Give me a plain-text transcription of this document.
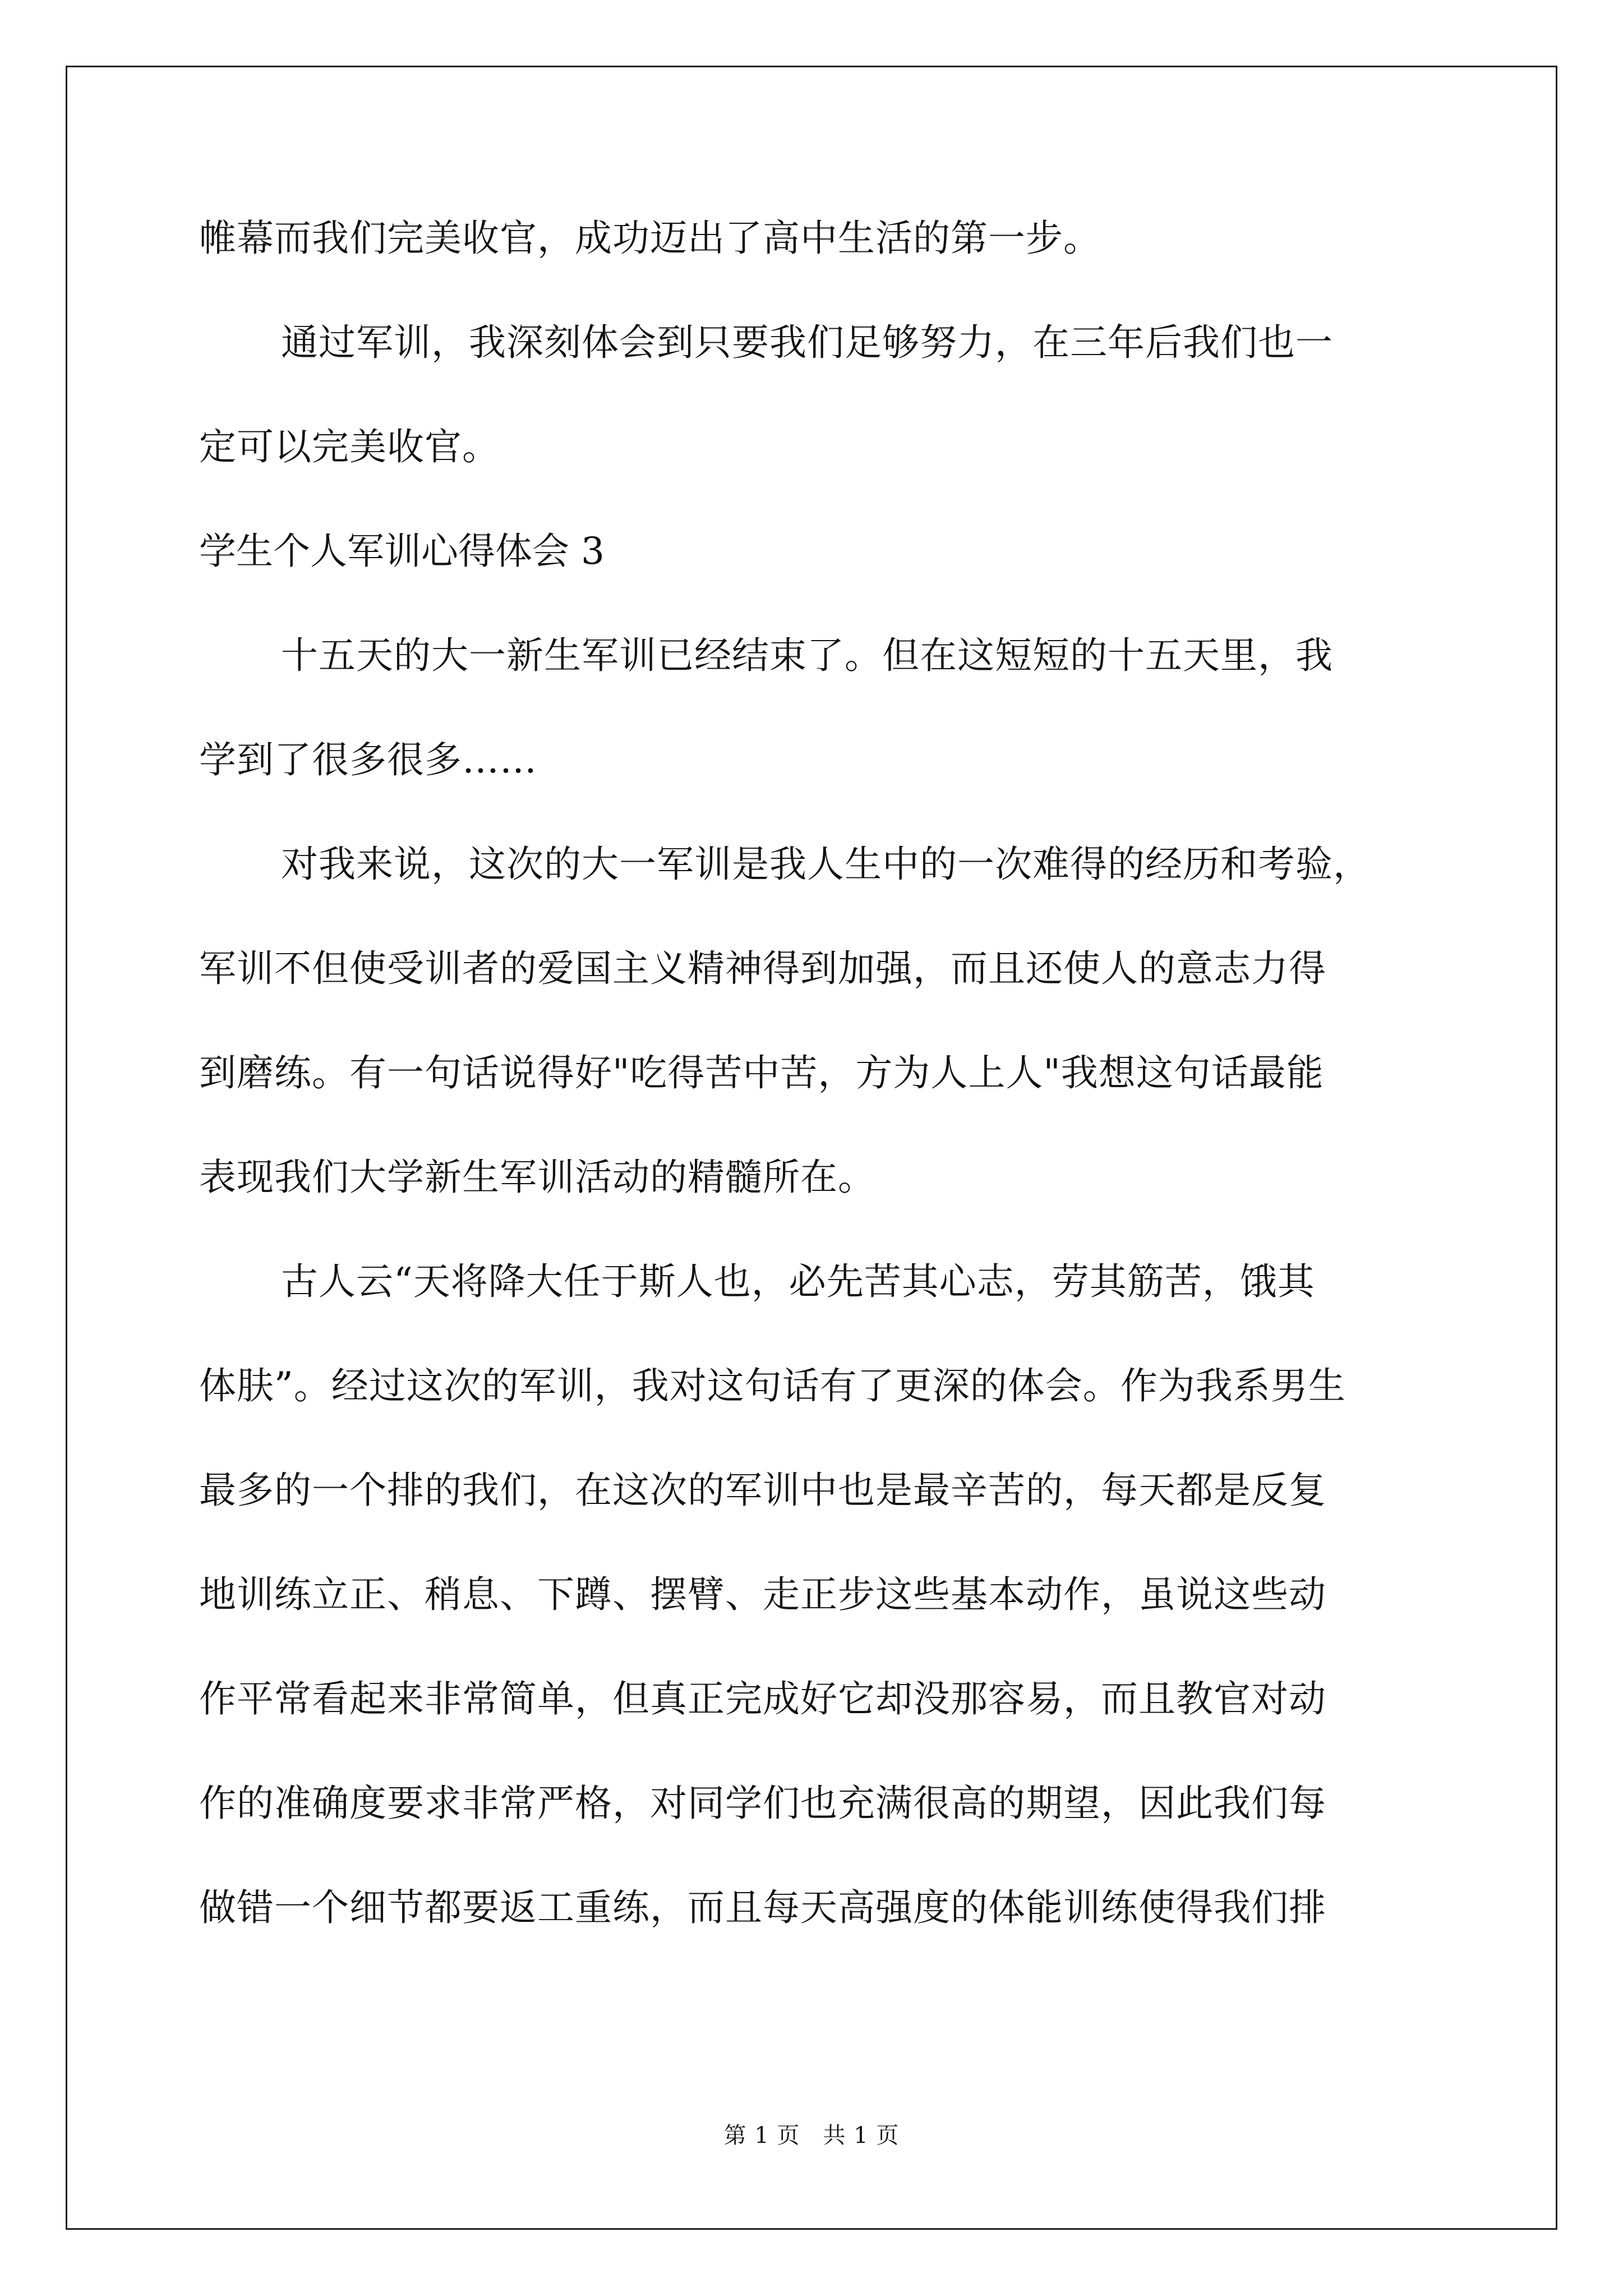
帷幕而我们完美收官，成功迈出了高中生活的第一步。
通过军训，我深刻体会到只要我们足够努力，在三年后我们也一
定可以完美收官。
学生个人军训心得体会 3
十五天的大一新生军训已经结束了。但在这短短的十五天里，我
学到了很多很多……
对我来说，这次的大一军训是我人生中的一次难得的经历和考验，
军训不但使受训者的爱国主义精神得到加强，而且还使人的意志力得
到磨练。有一句话说得好"吃得苦中苦，方为人上人"我想这句话最能
表现我们大学新生军训活动的精髓所在。
古人云“天将降大任于斯人也，必先苦其心志，劳其筋苦，饿其
体肤”。经过这次的军训，我对这句话有了更深的体会。作为我系男生
最多的一个排的我们，在这次的军训中也是最辛苦的，每天都是反复
地训练立正、稍息、下蹲、摆臂、走正步这些基本动作，虽说这些动
作平常看起来非常简单，但真正完成好它却没那容易，而且教官对动
作的准确度要求非常严格，对同学们也充满很高的期望，因此我们每
做错一个细节都要返工重练，而且每天高强度的体能训练使得我们排
第 1 页　共 1 页
